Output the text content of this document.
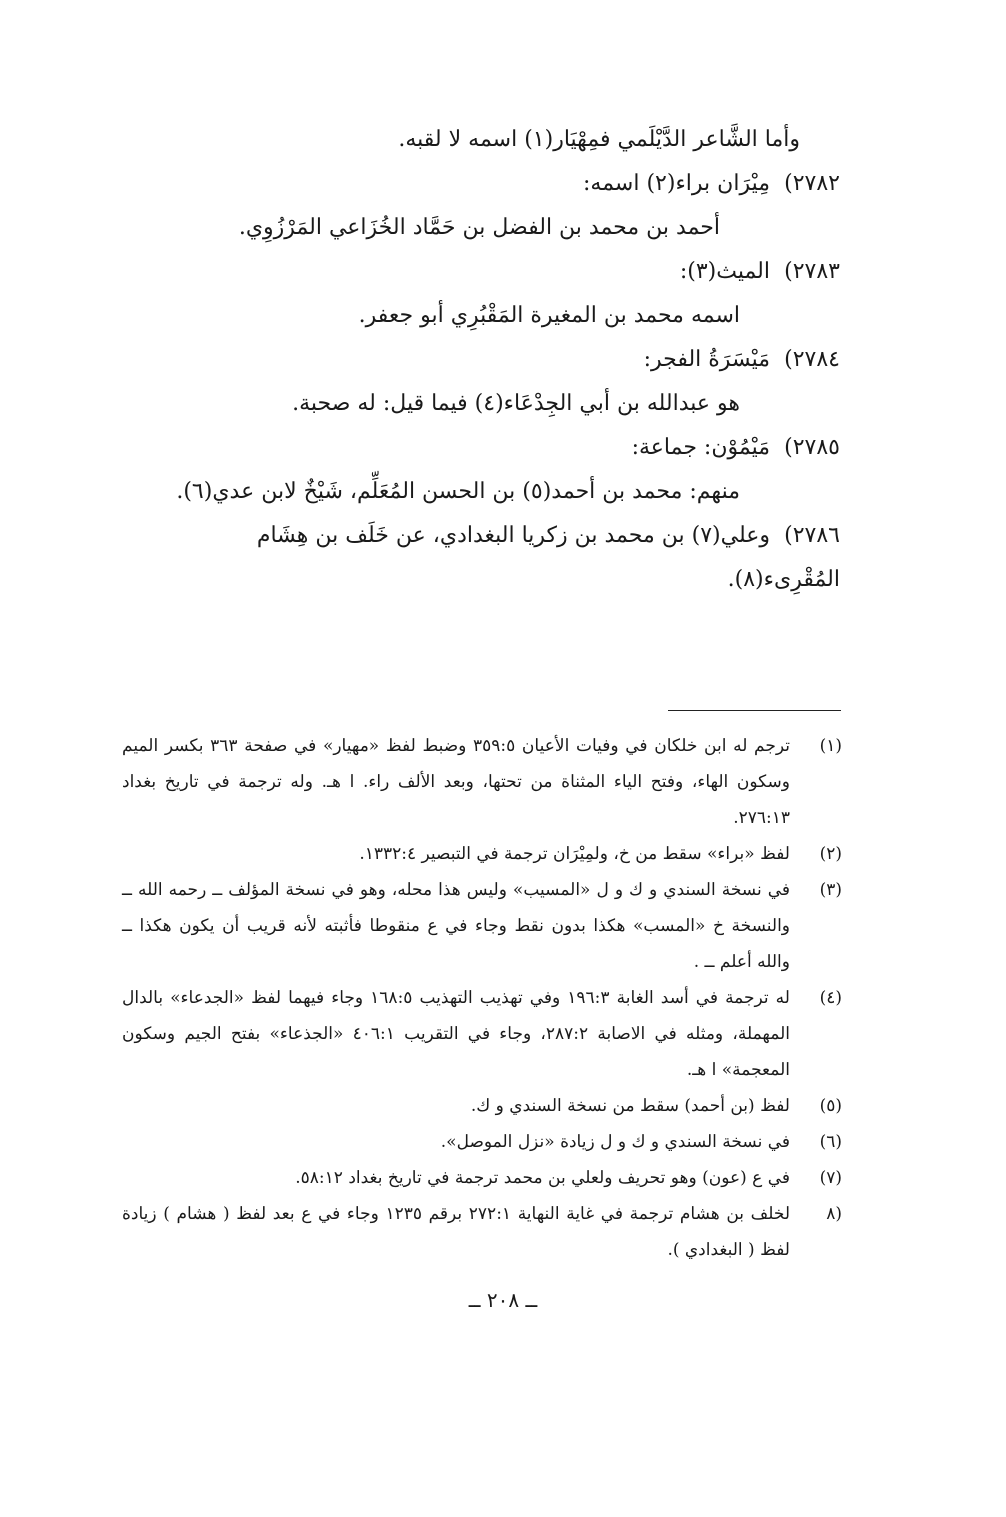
وأما الشَّاعر الدَّيْلَمي فمِهْيَار(١) اسمه لا لقبه.
٢٧٨٢)
مِيْرَان براء(٢) اسمه:
أحمد بن محمد بن الفضل بن حَمَّاد الخُزَاعي المَرْزُوِي.
٢٧٨٣)
الميث(٣):
اسمه محمد بن المغيرة المَقْبُرِي أبو جعفر.
٢٧٨٤)
مَيْسَرَةُ الفجر:
هو عبدالله بن أبي الجِدْعَاء(٤) فيما قيل: له صحبة.
٢٧٨٥)
مَيْمُوْن: جماعة:
منهم: محمد بن أحمد(٥) بن الحسن المُعَلِّم، شَيْخٌ لابن عدي(٦).
٢٧٨٦)
وعلي(٧) بن محمد بن زكريا البغدادي، عن خَلَف بن هِشَام
المُقْرِىء(٨).
(١)
ترجم له ابن خلكان في وفيات الأعيان ٣٥٩:٥ وضبط لفظ «مهيار» في صفحة ٣٦٣ بكسر الميم وسكون الهاء، وفتح الياء المثناة من تحتها، وبعد الألف راء. ا هـ. وله ترجمة في تاريخ بغداد ٢٧٦:١٣.
(٢)
لفظ «براء» سقط من خ، ولمِيْرَان ترجمة في التبصير ١٣٣٢:٤.
(٣)
في نسخة السندي و ك و ل «المسيب» وليس هذا محله، وهو في نسخة المؤلف ــ رحمه الله ــ والنسخة خ «المسب» هكذا بدون نقط وجاء في ع منقوطا فأثبته لأنه قريب أن يكون هكذا ــ والله أعلم ــ .
(٤)
له ترجمة في أسد الغابة ١٩٦:٣ وفي تهذيب التهذيب ١٦٨:٥ وجاء فيهما لفظ «الجدعاء» بالدال المهملة، ومثله في الاصابة ٢٨٧:٢، وجاء في التقريب ٤٠٦:١ «الجذعاء» بفتح الجيم وسكون المعجمة» ا هـ.
(٥)
لفظ (بن أحمد) سقط من نسخة السندي و ك.
(٦)
في نسخة السندي و ك و ل زيادة «نزل الموصل».
(٧)
في ع (عون) وهو تحريف ولعلي بن محمد ترجمة في تاريخ بغداد ٥٨:١٢.
(٨
لخلف بن هشام ترجمة في غاية النهاية ٢٧٢:١ برقم ١٢٣٥ وجاء في ع بعد لفظ ( هشام ) زيادة لفظ ( البغدادي ).
ــ ٢٠٨ ــ
